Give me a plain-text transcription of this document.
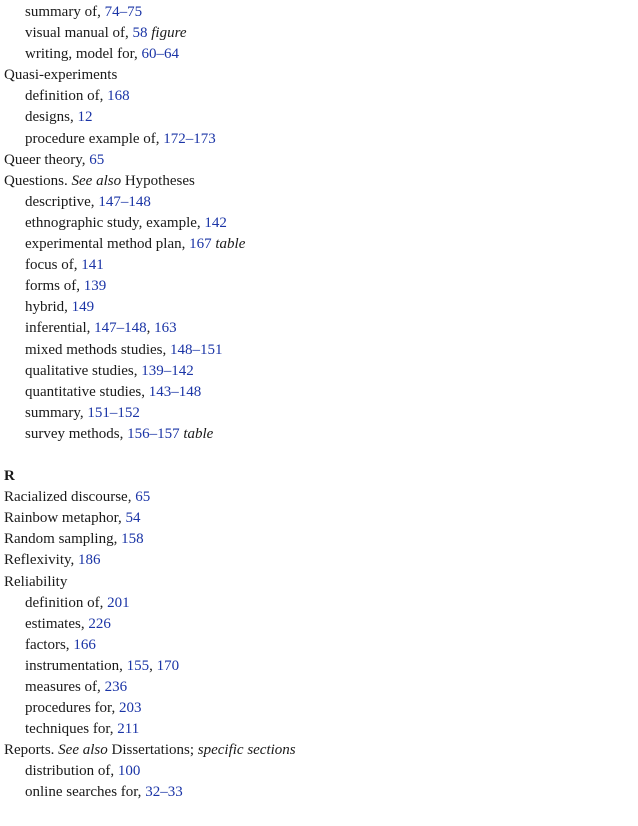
summary of, 74–75
visual manual of, 58 figure
writing, model for, 60–64
Quasi-experiments
definition of, 168
designs, 12
procedure example of, 172–173
Queer theory, 65
Questions. See also Hypotheses
descriptive, 147–148
ethnographic study, example, 142
experimental method plan, 167 table
focus of, 141
forms of, 139
hybrid, 149
inferential, 147–148, 163
mixed methods studies, 148–151
qualitative studies, 139–142
quantitative studies, 143–148
summary, 151–152
survey methods, 156–157 table
R
Racialized discourse, 65
Rainbow metaphor, 54
Random sampling, 158
Reflexivity, 186
Reliability
definition of, 201
estimates, 226
factors, 166
instrumentation, 155, 170
measures of, 236
procedures for, 203
techniques for, 211
Reports. See also Dissertations; specific sections
distribution of, 100
online searches for, 32–33
